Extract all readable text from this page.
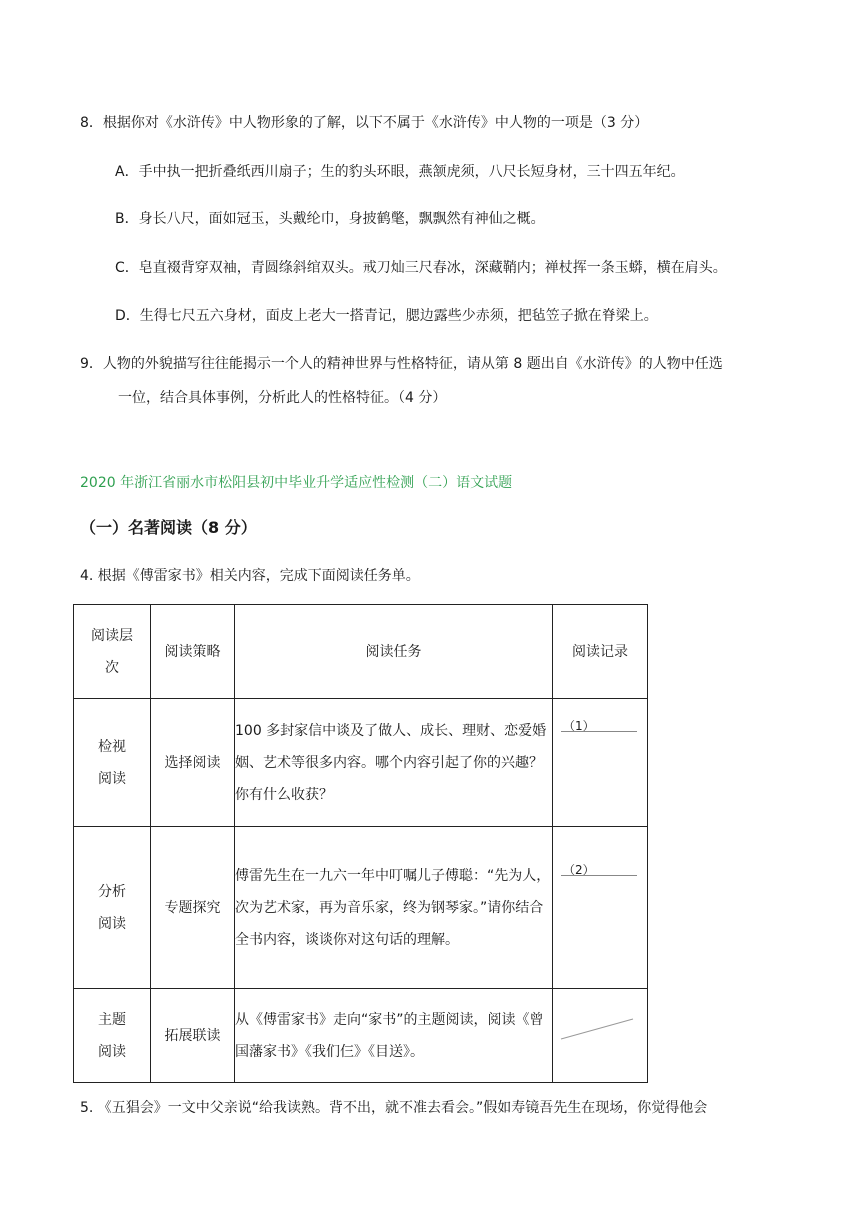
8．根据你对《水浒传》中人物形象的了解，以下不属于《水浒传》中人物的一项是（3 分）
A．手中执一把折叠纸西川扇子；生的豹头环眼，燕颔虎须，八尺长短身材，三十四五年纪。
B．身长八尺，面如冠玉，头戴纶巾，身披鹤氅，飘飘然有神仙之概。
C．皂直裰背穿双袖，青圆绦斜绾双头。戒刀灿三尺春冰，深藏鞘内；禅杖挥一条玉蟒，横在肩头。
D．生得七尺五六身材，面皮上老大一搭青记，腮边露些少赤须，把毡笠子掀在脊梁上。
9．人物的外貌描写往往能揭示一个人的精神世界与性格特征，请从第 8 题出自《水浒传》的人物中任选
一位，结合具体事例，分析此人的性格特征。（4 分）
2020 年浙江省丽水市松阳县初中毕业升学适应性检测（二）语文试题
（一）名著阅读（8 分）
4. 根据《傅雷家书》相关内容，完成下面阅读任务单。
阅读层次	阅读策略	阅读任务	阅读记录

检视阅读	选择阅读	100 多封家信中谈及了做人、成长、理财、恋爱婚姻、艺术等很多内容。哪个内容引起了你的兴趣？你有什么收获？	（1）

分析阅读	专题探究	傅雷先生在一九六一年中叮嘱儿子傅聪：“先为人，次为艺术家，再为音乐家，终为钢琴家。”请你结合全书内容，谈谈你对这句话的理解。	（2）

主题阅读	拓展联读	从《傅雷家书》走向“家书”的主题阅读，阅读《曾国藩家书》《我们仨》《目送》。	
5. 《五猖会》一文中父亲说“给我读熟。背不出，就不准去看会。”假如寿镜吾先生在现场，你觉得他会
